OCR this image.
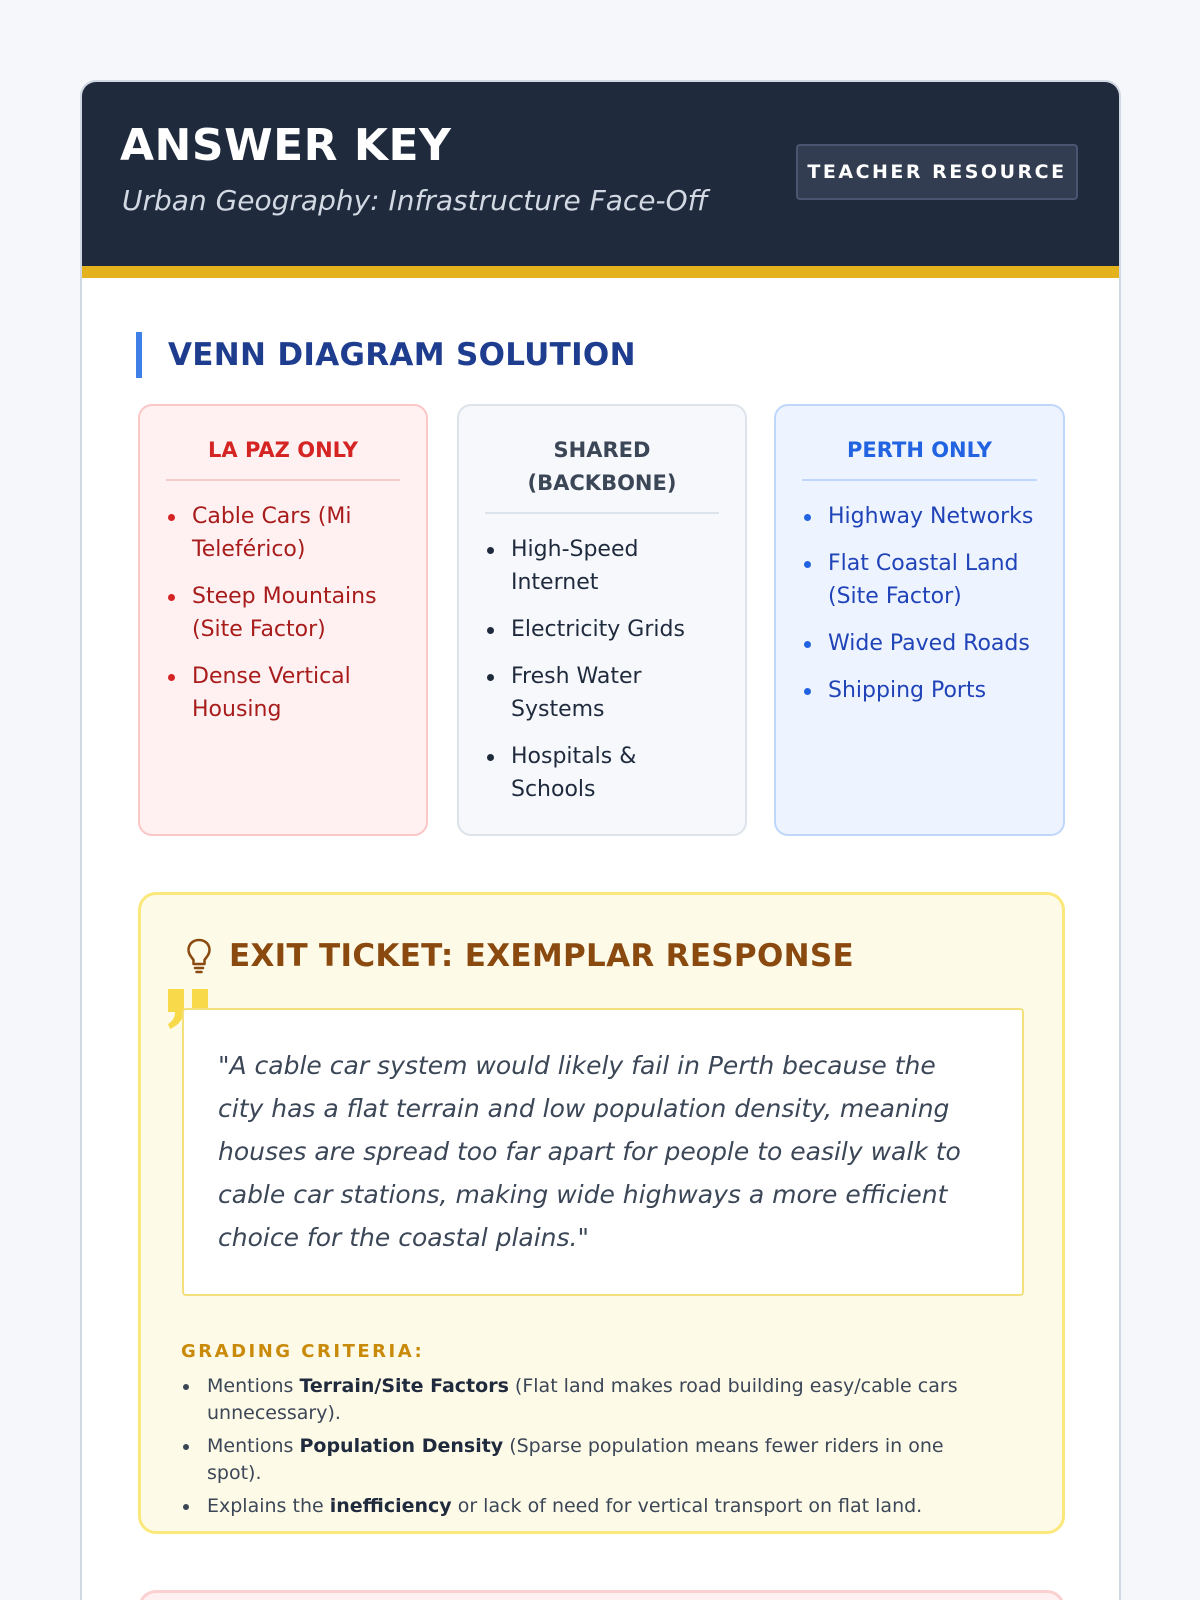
ANSWER KEY
Urban Geography: Infrastructure Face-Off
TEACHER RESOURCE
VENN DIAGRAM SOLUTION
LA PAZ ONLY
Cable Cars (Mi Teleférico)
Steep Mountains (Site Factor)
Dense Vertical Housing
SHARED (BACKBONE)
High-Speed Internet
Electricity Grids
Fresh Water Systems
Hospitals & Schools
PERTH ONLY
Highway Networks
Flat Coastal Land (Site Factor)
Wide Paved Roads
Shipping Ports
EXIT TICKET: EXEMPLAR RESPONSE

"A cable car system would likely fail in Perth because the city has a flat terrain and low population density, meaning houses are spread too far apart for people to easily walk to cable car stations, making wide highways a more efficient choice for the coastal plains."

GRADING CRITERIA:
Mentions Terrain/Site Factors (Flat land makes road building easy/cable cars unnecessary).
Mentions Population Density (Sparse population means fewer riders in one spot).
Explains the inefficiency or lack of need for vertical transport on flat land.
